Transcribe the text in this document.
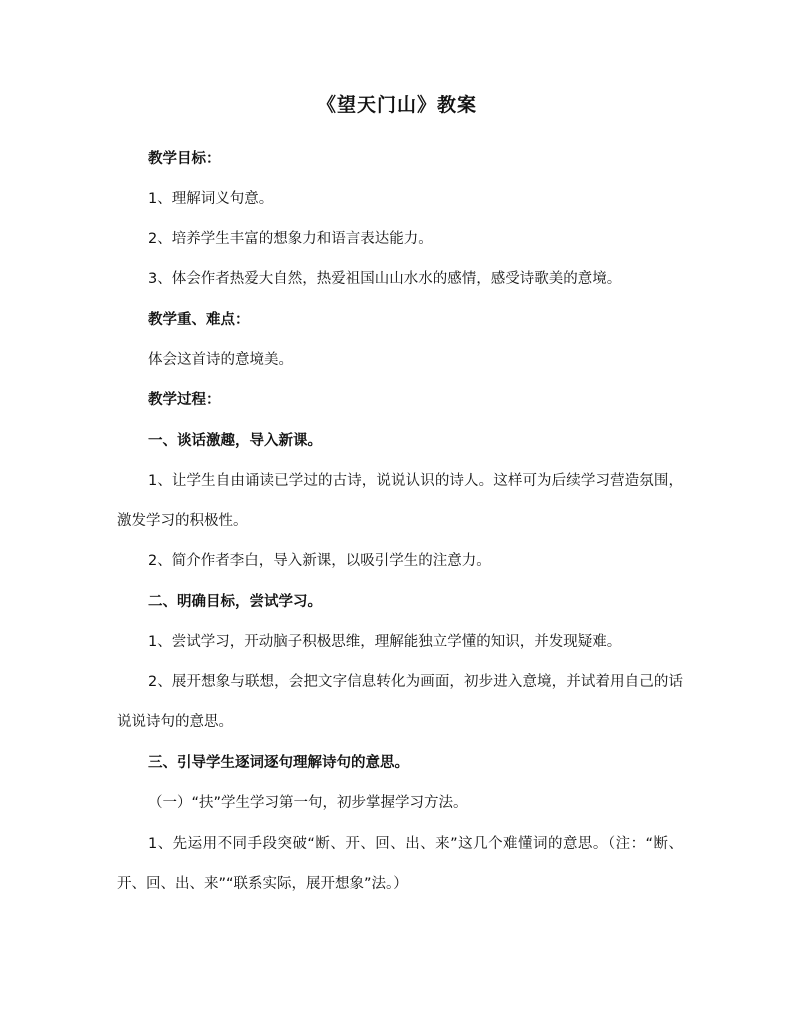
《望天门山》教案

教学目标：

1、理解词义句意。

2、培养学生丰富的想象力和语言表达能力。

3、体会作者热爱大自然，热爱祖国山山水水的感情，感受诗歌美的意境。

教学重、难点：

体会这首诗的意境美。

教学过程：

一、谈话激趣，导入新课。

1、让学生自由诵读已学过的古诗，说说认识的诗人。这样可为后续学习营造氛围，激发学习的积极性。

2、简介作者李白，导入新课，以吸引学生的注意力。

二、明确目标，尝试学习。

1、尝试学习，开动脑子积极思维，理解能独立学懂的知识，并发现疑难。

2、展开想象与联想，会把文字信息转化为画面，初步进入意境，并试着用自己的话说说诗句的意思。

三、引导学生逐词逐句理解诗句的意思。

（一）“扶”学生学习第一句，初步掌握学习方法。

1、先运用不同手段突破“断、开、回、出、来”这几个难懂词的意思。（注：“断、开、回、出、来”“联系实际，展开想象”法。）
